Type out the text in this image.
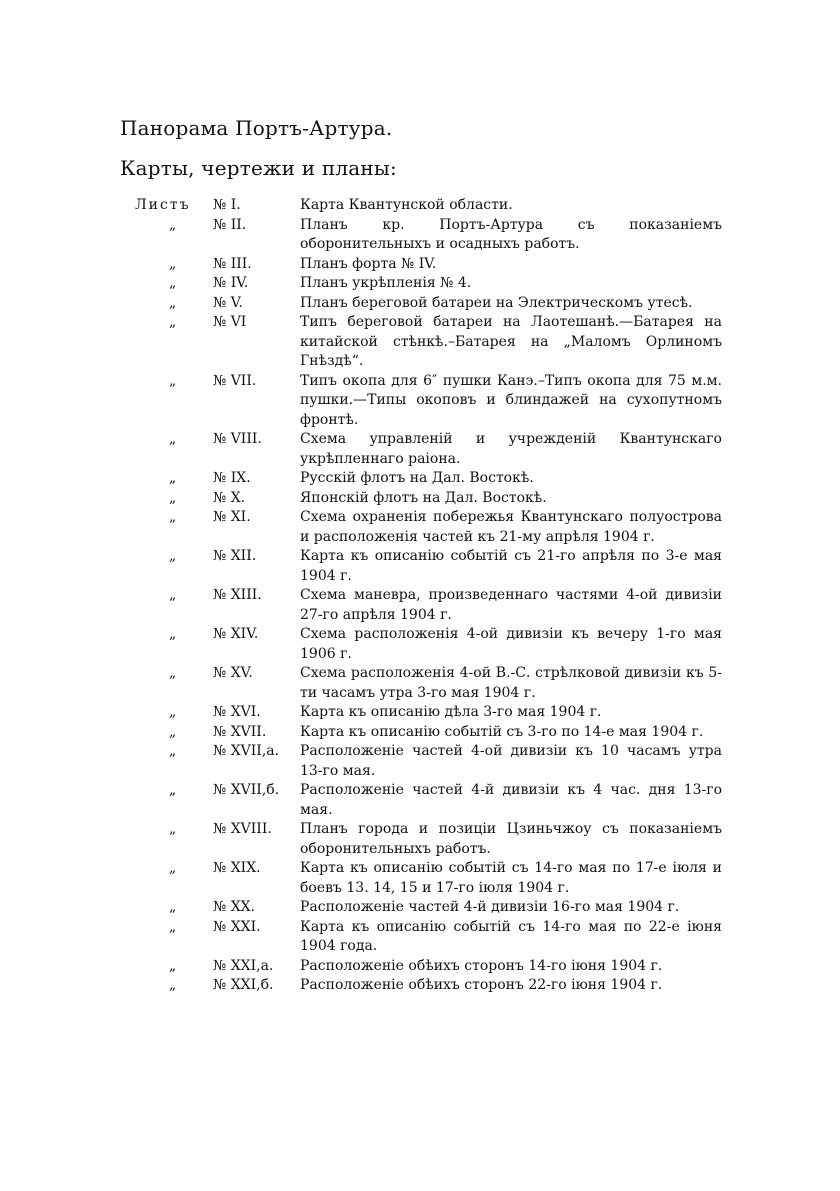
Панорама Портъ-Артура.
Карты, чертежи и планы:
Листъ № I.	Карта Квантунской области.
„	№ II.	Планъ кр. Портъ-Артура съ показаніемъ оборонительныхъ и осадныхъ работъ.
„	№ III.	Планъ форта № IV.
„	№ IV.	Планъ укрѣпленія № 4.
„	№ V.	Планъ береговой батареи на Электрическомъ утесѣ.
„	№ VI	Типъ береговой батареи на Лаотешанѣ.—Батарея на китайской стѣнкѣ.–Батарея на „Маломъ Орлиномъ Гнѣздѣ“.
„	№ VII.	Типъ окопа для 6″ пушки Канэ.–Типъ окопа для 75 м.м. пушки.—Типы окоповъ и блиндажей на сухопутномъ фронтѣ.
„	№ VIII.	Схема управленій и учрежденій Квантунскаго укрѣпленнаго раiона.
„	№ IX.	Русскій флотъ на Дал. Востокѣ.
„	№ X.	Японскій флотъ на Дал. Востокѣ.
„	№ XI.	Схема охраненія побережья Квантунскаго полуострова и расположенія частей къ 21-му апрѣля 1904 г.
„	№ XII.	Карта къ описанію событій съ 21-го апрѣля по 3-е мая 1904 г.
„	№ XIII.	Схема маневра, произведеннаго частями 4-ой дивизіи 27-го апрѣля 1904 г.
„	№ XIV.	Схема расположенія 4-ой дивизіи къ вечеру 1-го мая 1906 г.
„	№ XV.	Схема расположенія 4-ой В.-С. стрѣлковой дивизіи къ 5-ти часамъ утра 3-го мая 1904 г.
„	№ XVI.	Карта къ описанію дѣла 3-го мая 1904 г.
„	№ XVII. Карта къ описанію событій съ 3-го по 14-е мая 1904 г.
„	№ XVII,а. Расположеніе частей 4-ой дивизіи къ 10 часамъ утра 13-го мая.
„	№ XVII,б. Расположеніе частей 4-й дивизіи къ 4 час. дня 13-го мая.
„	№ XVIII. Планъ города и позиціи Цзиньчжоу съ показаніемъ оборонительныхъ работъ.
„	№ XIX.	Карта къ описанію событій съ 14-го мая по 17-е іюля и боевъ 13. 14, 15 и 17-го іюля 1904 г.
„	№ XX.	Расположеніе частей 4-й дивизіи 16-го мая 1904 г.
„	№ XXI.	Карта къ описанію событій съ 14-го мая по 22-е іюня 1904 года.
„	№ XXI,а. Расположеніе обѣихъ сторонъ 14-го іюня 1904 г.
„	№ XXI,б. Расположеніе обѣихъ сторонъ 22-го іюня 1904 г.
